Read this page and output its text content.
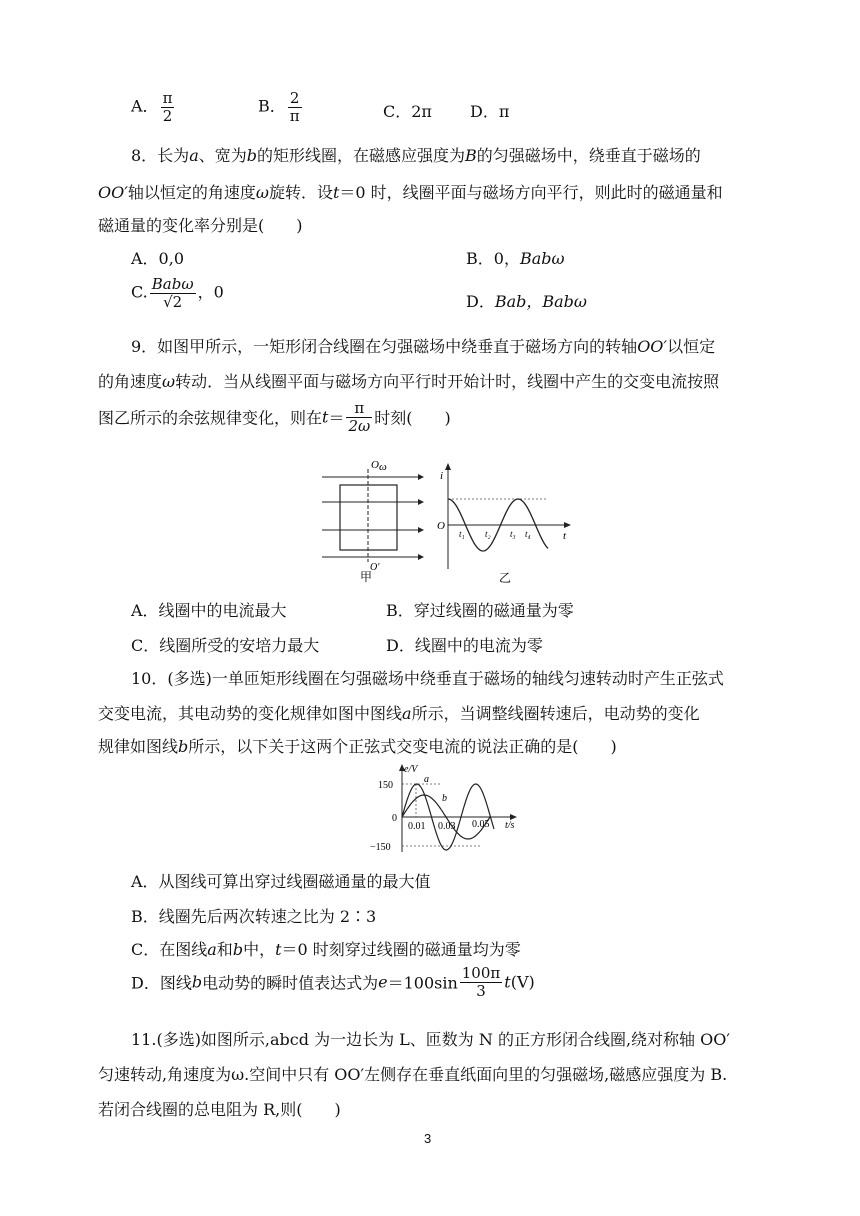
A． $\frac{\pi}{2}$	B． $\frac{2}{\pi}$	C．2π D．π
8．长为a、宽为b的矩形线圈，在磁感应强度为B的匀强磁场中，绕垂直于磁场的
OO′轴以恒定的角速度ω旋转．设t＝0 时，线圈平面与磁场方向平行，则此时的磁通量和
磁通量的变化率分别是(　　)
A．0,0	B．0，Babω
C. $\frac{\text{Babω}}{√2}$ ，0	D．Bab，Babω
9．如图甲所示，一矩形闭合线圈在匀强磁场中绕垂直于磁场方向的转轴OO′以恒定
的角速度ω转动．当从线圈平面与磁场方向平行时开始计时，线圈中产生的交变电流按照
图乙所示的余弦规律变化，则在$t= \frac{\pi}{2\omega}$ 时刻(　　)
O ω
O′
甲
i
O
t
t₁ t₂ t₃ t₄
乙
A．线圈中的电流最大	B．穿过线圈的磁通量为零
C．线圈所受的安培力最大	D．线圈中的电流为零
10．(多选)一单匝矩形线圈在匀强磁场中绕垂直于磁场的轴线匀速转动时产生正弦式
交变电流，其电动势的变化规律如图中图线a所示，当调整线圈转速后，电动势的变化
规律如图线b所示，以下关于这两个正弦式交变电流的说法正确的是(　　)
e/V
150
0
−150
0.01 0.03 0.05 t/s
a
b
A．从图线可算出穿过线圈磁通量的最大值
B．线圈先后两次转速之比为 2∶3
C．在图线a和b中，t＝0 时刻穿过线圈的磁通量均为零
D．图线b电动势的瞬时值表达式为$e=100\sin \frac{100\pi}{3} t(V)$
11.(多选)如图所示,abcd 为一边长为 L、匝数为 N 的正方形闭合线圈,绕对称轴 OO′
匀速转动,角速度为ω.空间中只有 OO′左侧存在垂直纸面向里的匀强磁场,磁感应强度为 B.
若闭合线圈的总电阻为 R,则(　　)
3
